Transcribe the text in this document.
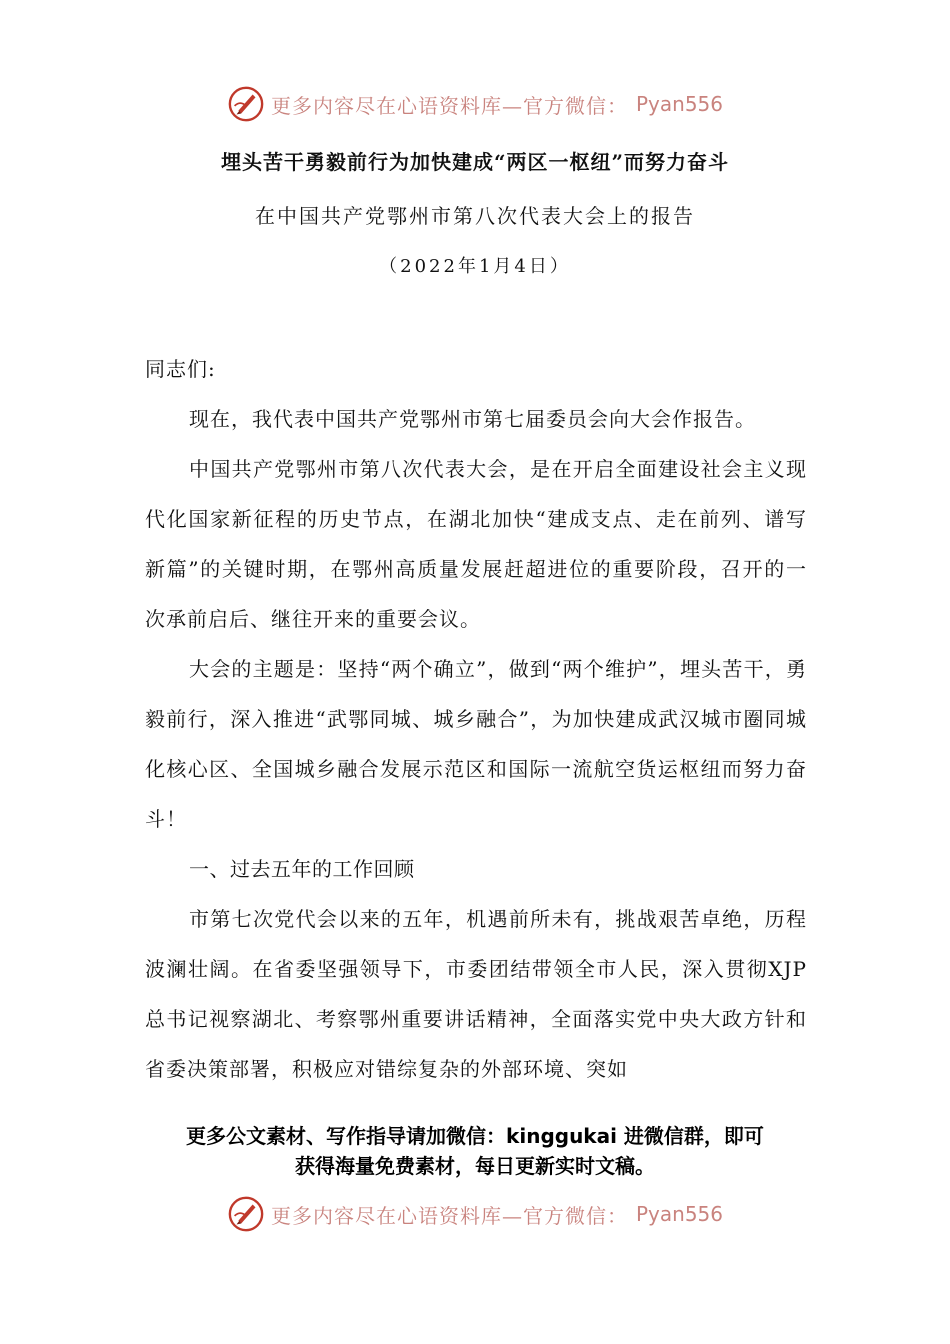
更多内容尽在心语资料库—官方微信： Pyan556
埋头苦干勇毅前行为加快建成“两区一枢纽”而努力奋斗
在中国共产党鄂州市第八次代表大会上的报告
（2022年1月4日）

同志们:

现在，我代表中国共产党鄂州市第七届委员会向大会作报告。

中国共产党鄂州市第八次代表大会，是在开启全面建设社会主义现代化国家新征程的历史节点，在湖北加快“建成支点、走在前列、谱写新篇”的关键时期，在鄂州高质量发展赶超进位的重要阶段，召开的一次承前启后、继往开来的重要会议。

大会的主题是：坚持“两个确立”，做到“两个维护”，埋头苦干，勇毅前行，深入推进“武鄂同城、城乡融合”，为加快建成武汉城市圈同城化核心区、全国城乡融合发展示范区和国际一流航空货运枢纽而努力奋斗！

一、过去五年的工作回顾

市第七次党代会以来的五年，机遇前所未有，挑战艰苦卓绝，历程波澜壮阔。在省委坚强领导下，市委团结带领全市人民，深入贯彻XJP总书记视察湖北、考察鄂州重要讲话精神，全面落实党中央大政方针和省委决策部署，积极应对错综复杂的外部环境、突如

更多公文素材、写作指导请加微信：kinggukai 进微信群，即可
获得海量免费素材，每日更新实时文稿。
更多内容尽在心语资料库—官方微信： Pyan556
